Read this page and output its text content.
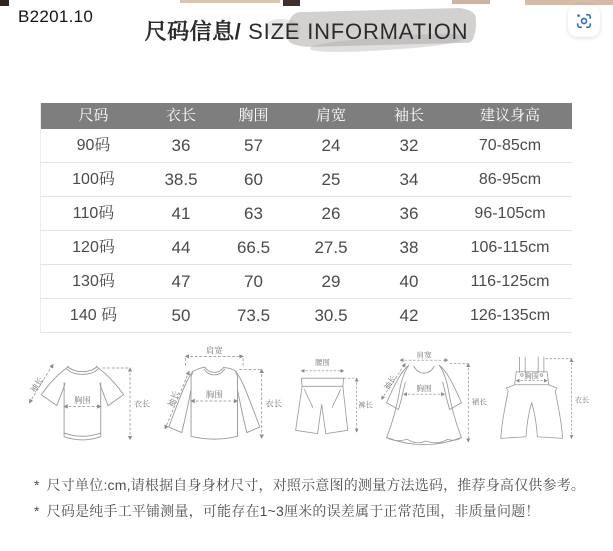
B2201.10
尺码信息/ SIZE INFORMATION
尺码	衣长	胸围	肩宽	袖长	建议身高
90码	36	57	24	32	70-85cm
100码	38.5	60	25	34	86-95cm
110码	41	63	26	36	96-105cm
120码	44	66.5	27.5	38	106-115cm
130码	47	70	29	40	116-125cm
140 码	50	73.5	30.5	42	126-135cm
袖长
胸围	衣长
肩宽
袖长	胸围
衣长
腰围
裤长
肩宽
袖长 胸围
裙长
胸围
衣长
* 尺寸单位:cm,请根据自身身材尺寸，对照示意图的测量方法选码，推荐身高仅供参考。
* 尺码是纯手工平铺测量，可能存在1~3厘米的误差属于正常范围，非质量问题！
